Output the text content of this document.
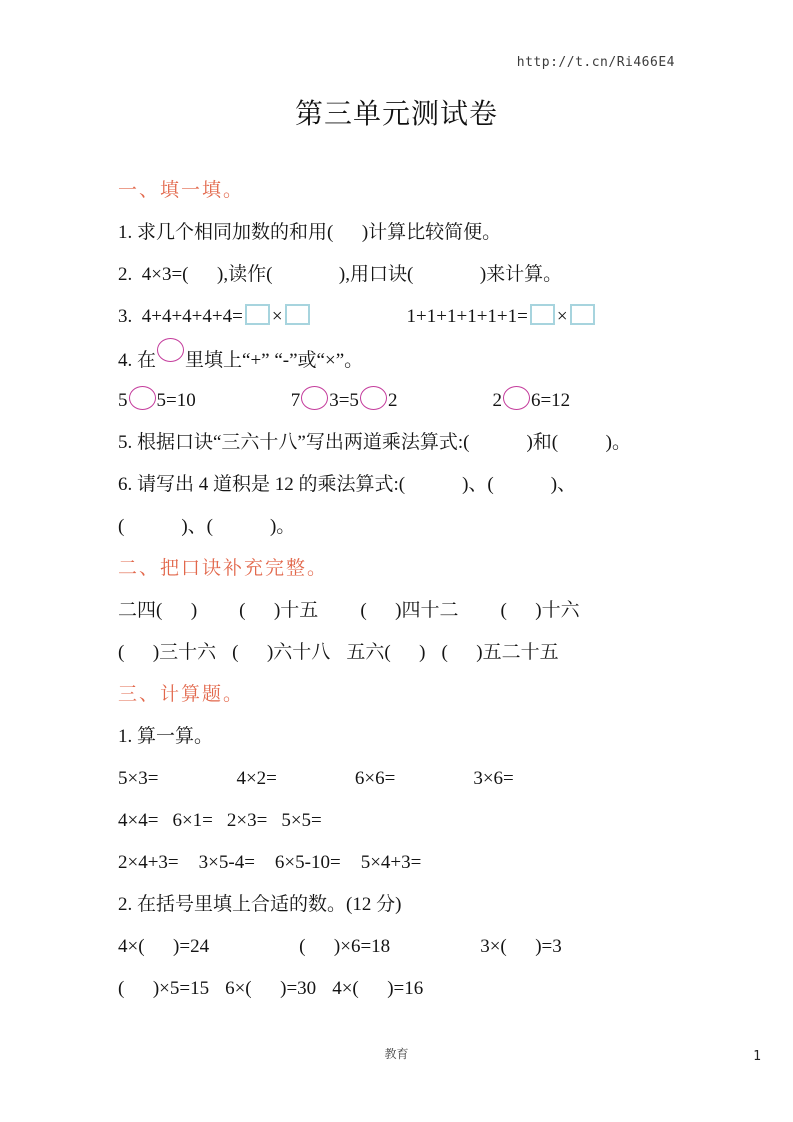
http://t.cn/Ri466E4
第三单元测试卷
一、填一填。
1. 求几个相同加数的和用(      )计算比较简便。
2.  4×3=(      ),读作(              ),用口诀(              )来计算。
3.  4+4+4+4+4= ×	1+1+1+1+1+1= ×
4. 在 里填上“+” “-”或“×”。
5 5=10	7 3=5 2	2 6=12
5. 根据口诀“三六十八”写出两道乘法算式:(            )和(          )。
6. 请写出 4 道积是 12 的乘法算式:(            )、(            )、
(            )、(            )。
二、把口诀补充完整。
二四(      ) (      )十五 (      )四十二 (      )十六
(      )三十六 (      )六十八 五六(      ) (      )五二十五
三、计算题。
1. 算一算。
5×3=	4×2=	6×6=	3×6=
4×4= 6×1= 2×3= 5×5=
2×4+3= 3×5-4= 6×5-10= 5×4+3=
2. 在括号里填上合适的数。(12 分)
4×(      )=24	(      )×6=18	3×(      )=3
(      )×5=15 6×(      )=30 4×(      )=16
教育	1
